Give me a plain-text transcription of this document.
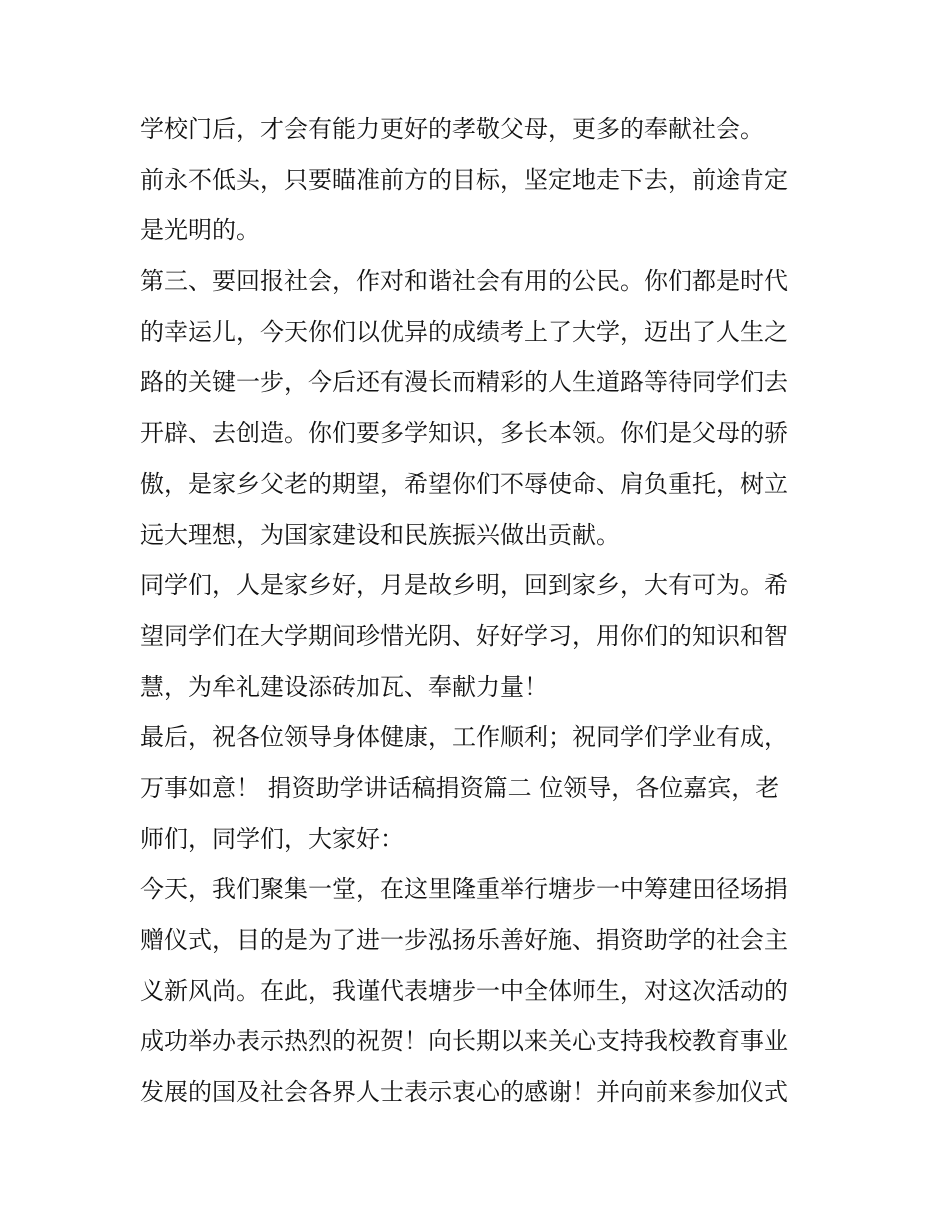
学校门后，才会有能力更好的孝敬父母，更多的奉献社会。
前永不低头，只要瞄准前方的目标，坚定地走下去，前途肯定
是光明的。
第三、要回报社会，作对和谐社会有用的公民。你们都是时代
的幸运儿，今天你们以优异的成绩考上了大学，迈出了人生之
路的关键一步，今后还有漫长而精彩的人生道路等待同学们去
开辟、去创造。你们要多学知识，多长本领。你们是父母的骄
傲，是家乡父老的期望，希望你们不辱使命、肩负重托，树立
远大理想，为国家建设和民族振兴做出贡献。
同学们，人是家乡好，月是故乡明，回到家乡，大有可为。希
望同学们在大学期间珍惜光阴、好好学习，用你们的知识和智
慧，为牟礼建设添砖加瓦、奉献力量！
最后，祝各位领导身体健康，工作顺利；祝同学们学业有成，
万事如意！ 捐资助学讲话稿捐资篇二 位领导，各位嘉宾，老
师们，同学们，大家好：
今天，我们聚集一堂，在这里隆重举行塘步一中筹建田径场捐
赠仪式，目的是为了进一步泓扬乐善好施、捐资助学的社会主
义新风尚。在此，我谨代表塘步一中全体师生，对这次活动的
成功举办表示热烈的祝贺！向长期以来关心支持我校教育事业
发展的国及社会各界人士表示衷心的感谢！并向前来参加仪式
